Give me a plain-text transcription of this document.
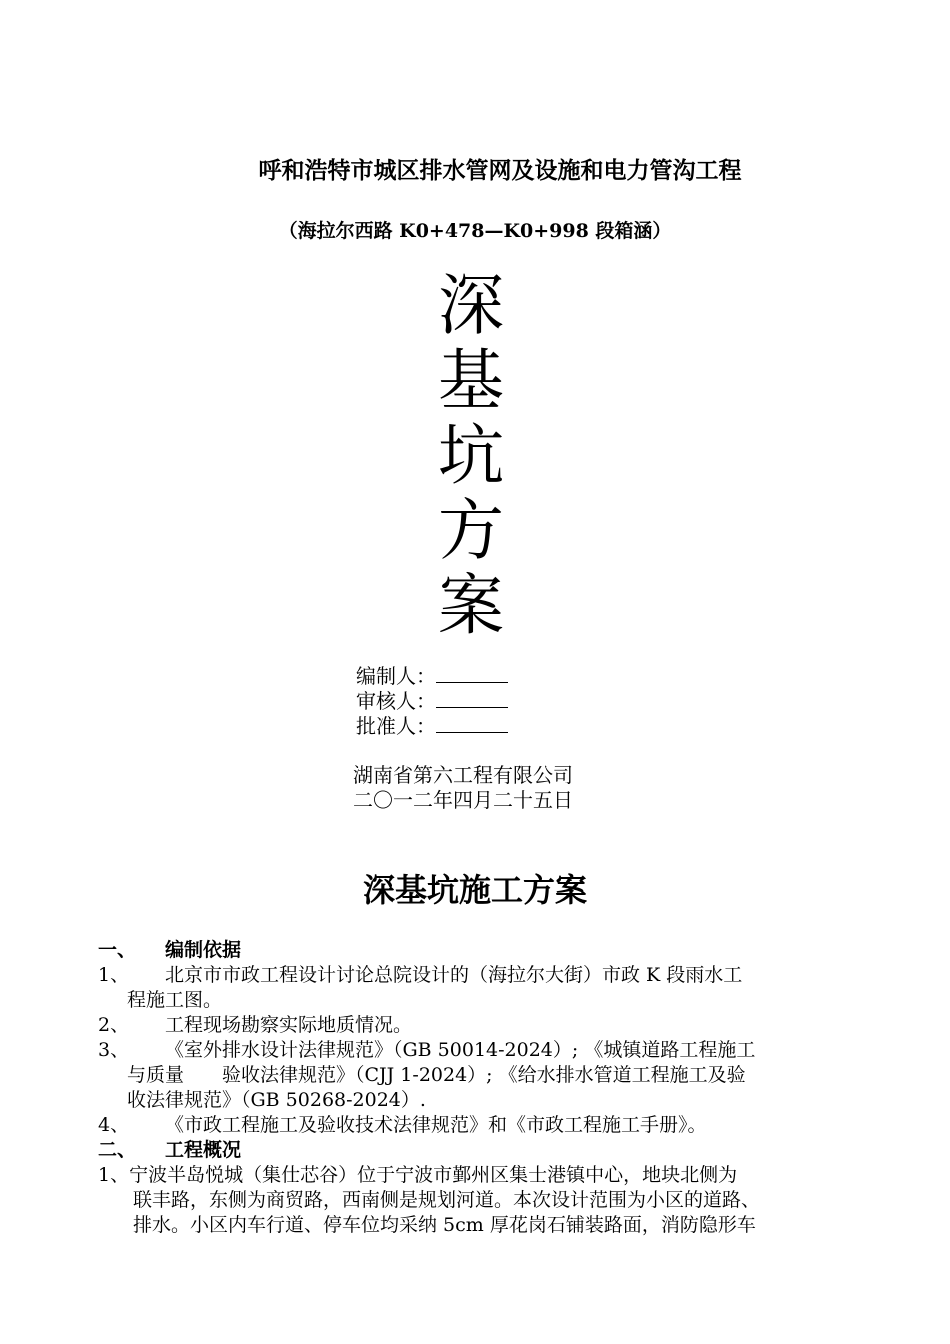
呼和浩特市城区排水管网及设施和电力管沟工程
（海拉尔西路 K0+478—K0+998 段箱涵）
深
基
坑
方
案
编制人：
审核人：
批准人：
湖南省第六工程有限公司
二〇一二年四月二十五日
深基坑施工方案
一、 编制依据
1、 北京市市政工程设计讨论总院设计的（海拉尔大街）市政 K 段雨水工
程施工图。
2、 工程现场勘察实际地质情况。
3、 《室外排水设计法律规范》（GB 50014-2024）; 《城镇道路工程施工
与质量　　验收法律规范》（CJJ 1-2024）; 《给水排水管道工程施工及验
收法律规范》（GB 50268-2024）.
4、 《市政工程施工及验收技术法律规范》和《市政工程施工手册》。
二、 工程概况
1、宁波半岛悦城（集仕芯谷）位于宁波市鄞州区集士港镇中心，地块北侧为
联丰路，东侧为商贸路，西南侧是规划河道。本次设计范围为小区的道路、
排水。小区内车行道、停车位均采纳 5cm 厚花岗石铺装路面，消防隐形车
